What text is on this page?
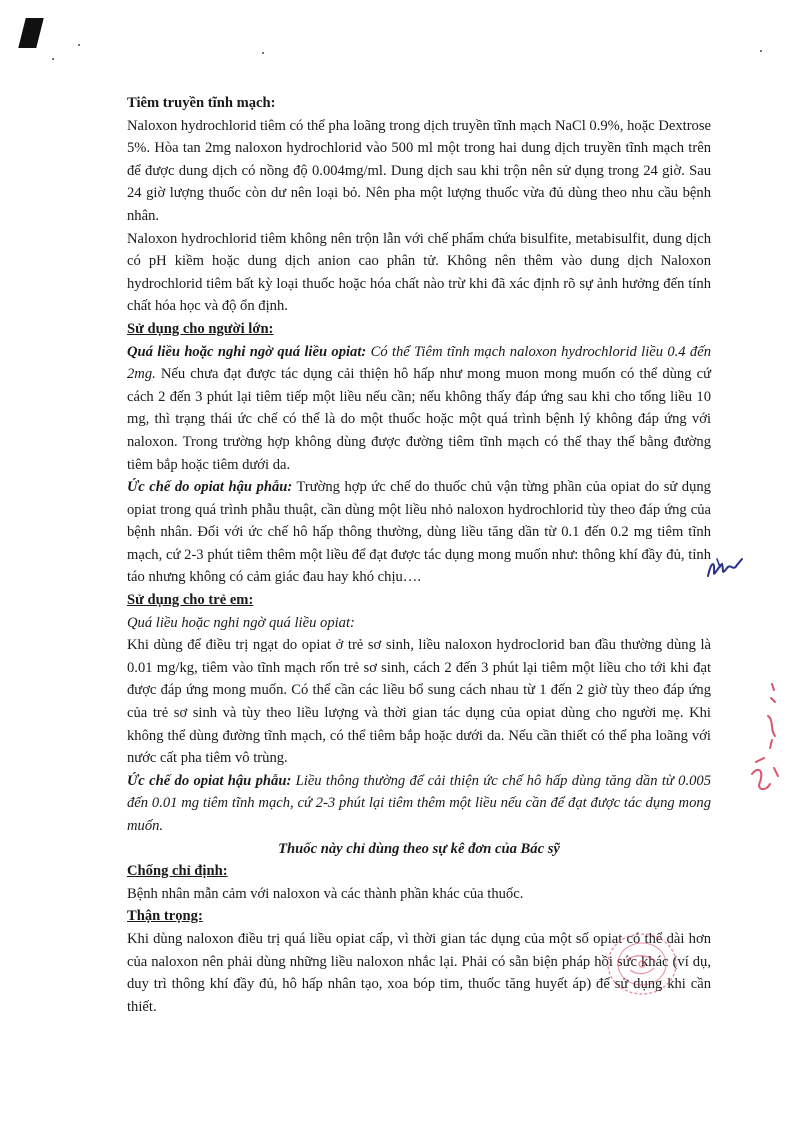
Tiêm truyền tĩnh mạch:

Naloxon hydrochlorid tiêm có thể pha loãng trong dịch truyền tĩnh mạch NaCl 0.9%, hoặc Dextrose 5%. Hòa tan 2mg naloxon hydrochlorid vào 500 ml một trong hai dung dịch truyền tĩnh mạch trên để được dung dịch có nồng độ 0.004mg/ml. Dung dịch sau khi trộn nên sử dụng trong 24 giờ. Sau 24 giờ lượng thuốc còn dư nên loại bỏ. Nên pha một lượng thuốc vừa đủ dùng theo nhu cầu bệnh nhân.

Naloxon hydrochlorid tiêm không nên trộn lẫn với chế phẩm chứa bisulfite, metabisulfit, dung dịch có pH kiềm hoặc dung dịch anion cao phân tử. Không nên thêm vào dung dịch Naloxon hydrochlorid tiêm bất kỳ loại thuốc hoặc hóa chất nào trừ khi đã xác định rõ sự ảnh hưởng đến tính chất hóa học và độ ổn định.

Sử dụng cho người lớn:

Quá liều hoặc nghi ngờ quá liều opiat: Có thể Tiêm tĩnh mạch naloxon hydrochlorid liều 0.4 đến 2mg. Nếu chưa đạt được tác dụng cải thiện hô hấp như mong muon mong muốn có thể dùng cứ cách 2 đến 3 phút lại tiêm tiếp một liều nếu cần; nếu không thấy đáp ứng sau khi cho tổng liều 10 mg, thì trạng thái ức chế có thể là do một thuốc hoặc một quá trình bệnh lý không đáp ứng với naloxon. Trong trường hợp không dùng được đường tiêm tĩnh mạch có thể thay thế bằng đường tiêm bắp hoặc tiêm dưới da.

Ức chế do opiat hậu phẫu: Trường hợp ức chế do thuốc chủ vận từng phần của opiat do sử dụng opiat trong quá trình phẫu thuật, cần dùng một liều nhỏ naloxon hydrochlorid tùy theo đáp ứng của bệnh nhân. Đối với ức chế hô hấp thông thường, dùng liều tăng dần từ 0.1 đến 0.2 mg tiêm tĩnh mạch, cứ 2-3 phút tiêm thêm một liều để đạt được tác dụng mong muốn như: thông khí đầy đủ, tỉnh táo nhưng không có cảm giác đau hay khó chịu….

Sử dụng cho trẻ em:

Quá liều hoặc nghi ngờ quá liều opiat:

Khi dùng để điều trị ngạt do opiat ở trẻ sơ sinh, liều naloxon hydroclorid ban đầu thường dùng là 0.01 mg/kg, tiêm vào tĩnh mạch rốn trẻ sơ sinh, cách 2 đến 3 phút lại tiêm một liều cho tới khi đạt được đáp ứng mong muốn. Có thể cần các liều bổ sung cách nhau từ 1 đến 2 giờ tùy theo đáp ứng của trẻ sơ sinh và tùy theo liều lượng và thời gian tác dụng của opiat dùng cho người mẹ. Khi không thể dùng đường tĩnh mạch, có thể tiêm bắp hoặc dưới da. Nếu cần thiết có thể pha loãng với nước cất pha tiêm vô trùng.

Ức chế do opiat hậu phẫu: Liều thông thường để cải thiện ức chế hô hấp dùng tăng dần từ 0.005 đến 0.01 mg tiêm tĩnh mạch, cứ 2-3 phút lại tiêm thêm một liều nếu cần để đạt được tác dụng mong muốn.

Thuốc này chỉ dùng theo sự kê đơn của Bác sỹ

Chống chỉ định:

Bệnh nhân mẫn cảm với naloxon và các thành phần khác của thuốc.

Thận trọng:

Khi dùng naloxon điều trị quá liều opiat cấp, vì thời gian tác dụng của một số opiat có thể dài hơn của naloxon nên phải dùng những liều naloxon nhắc lại. Phải có sẵn biện pháp hồi sức khác (ví dụ, duy trì thông khí đầy đủ, hô hấp nhân tạo, xoa bóp tim, thuốc tăng huyết áp) để sử dụng khi cần thiết.
